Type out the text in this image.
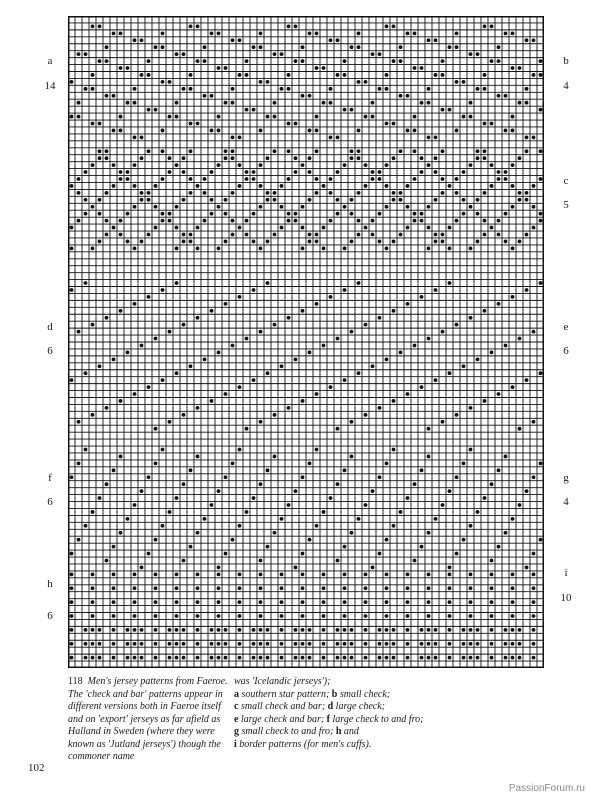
a
14
b
4
c
5
d
6
e
6
f
6
g
4
h
6
i
10
118 Men's jersey patterns from Faeroe. The 'check and bar' patterns appear in different versions both in Faeroe itself and on 'export' jerseys as far afield as Halland in Sweden (where they were known as 'Jutland jerseys') though the commoner name
was 'Icelandic jerseys');
a southern star pattern; b small check;
c small check and bar; d large check;
e large check and bar; f large check to and fro;
g small check to and fro; h and
i border patterns (for men's cuffs).
102
PassionForum.ru
